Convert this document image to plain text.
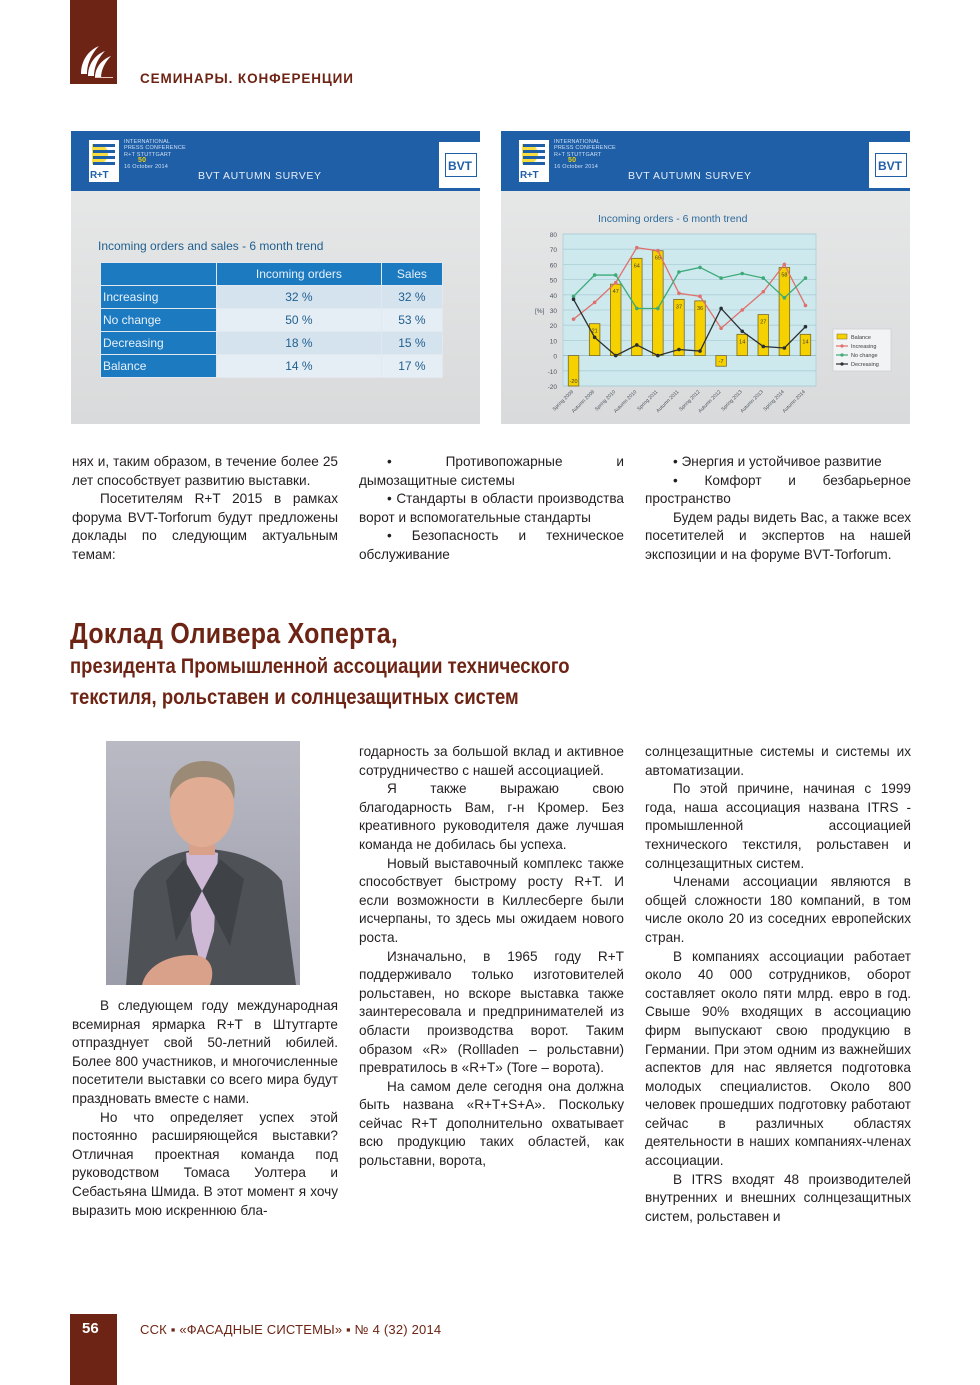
СЕМИНАРЫ. КОНФЕРЕНЦИИ
R+T
INTERNATIONAL
PRESS CONFERENCE
R+T STUTTGART
50
16 October 2014
BVT AUTUMN SURVEY
BVT
Incoming orders and sales - 6 month trend
	Incoming orders	Sales
Increasing	32 %	32 %
No change	50 %	53 %
Decreasing	18 %	15 %
Balance	14 %	17 %
R+T
INTERNATIONAL
PRESS CONFERENCE
R+T STUTTGART
50
16 October 2014
BVT AUTUMN SURVEY
BVT
Incoming orders - 6 month trend
-20
-10
0
10
20
30
40
50
60
70
80
[%]
-20
21
47
64
69
37	36
-7
14
27
58
14
Spring 2009
Autumn 2009
Spring 2010
Autumn 2010
Spring 2011
Autumn 2011
Spring 2012
Autumn 2012
Spring 2013
Autumn 2013
Spring 2014
Autumn 2014
Balance
Increasing
No change
Decreasing

нях и, таким образом, в течение более 25 лет способствует развитию выставки.

Посетителям R+T 2015 в рамках форума BVT-Torforum будут предложены доклады по следующим актуальным темам:

• Противопожарные и дымозащитные системы

• Стандарты в области производства ворот и вспомогательные стандарты

• Безопасность и техническое обслуживание

• Энергия и устойчивое развитие

• Комфорт и безбарьерное пространство

Будем рады видеть Вас, а также всех посетителей и экспертов на нашей экспозиции и на форуме BVT-Torforum.

Доклад Оливера Хоперта,
президента Промышленной ассоциации технического
текстиля, рольставен и солнцезащитных систем

В следующем году международная всемирная ярмарка R+T в Штутгарте отпразднует свой 50-летний юбилей. Более 800 участников, и многочисленные посетители выставки со всего мира будут праздновать вместе с нами.

Но что определяет успех этой постоянно расширяющейся выставки? Отличная проектная команда под руководством Томаса Уолтера и Себастьяна Шмида. В этот момент я хочу выразить мою искреннюю бла-

годарность за большой вклад и активное сотрудничество с нашей ассоциацией.

Я также выражаю свою благодарность Вам, г-н Кромер. Без креативного руководителя даже лучшая команда не добилась бы успеха.

Новый выставочный комплекс также способствует быстрому росту R+T. И если возможности в Киллесберге были исчерпаны, то здесь мы ожидаем нового роста.

Изначально, в 1965 году R+T поддерживало только изготовителей рольставен, но вскоре выставка также заинтересовала и предпринимателей из области производства ворот. Таким образом «R» (Rollladen – рольставни) превратилось в «R+T» (Tore – ворота).

На самом деле сегодня она должна быть названа «R+T+S+A». Поскольку сейчас R+T дополнительно охватывает всю продукцию таких областей, как рольставни, ворота,

солнцезащитные системы и системы их автоматизации.

По этой причине, начиная с 1999 года, наша ассоциация названа ITRS - промышленной ассоциацией технического текстиля, рольставен и солнцезащитных систем.

Членами ассоциации являются в общей сложности 180 компаний, в том числе около 20 из соседних европейских стран.

В компаниях ассоциации работает около 40 000 сотрудников, оборот составляет около пяти млрд. евро в год. Свыше 90% входящих в ассоциацию фирм выпускают свою продукцию в Германии. При этом одним из важнейших аспектов для нас является подготовка молодых специалистов. Около 800 человек прошедших подготовку работают сейчас в различных областях деятельности в наших компаниях-членах ассоциации.

В ITRS входят 48 производителей внутренних и внешних солнцезащитных систем, рольставен и

56	ССК ▪ «ФАСАДНЫЕ СИСТЕМЫ» ▪ № 4 (32) 2014
